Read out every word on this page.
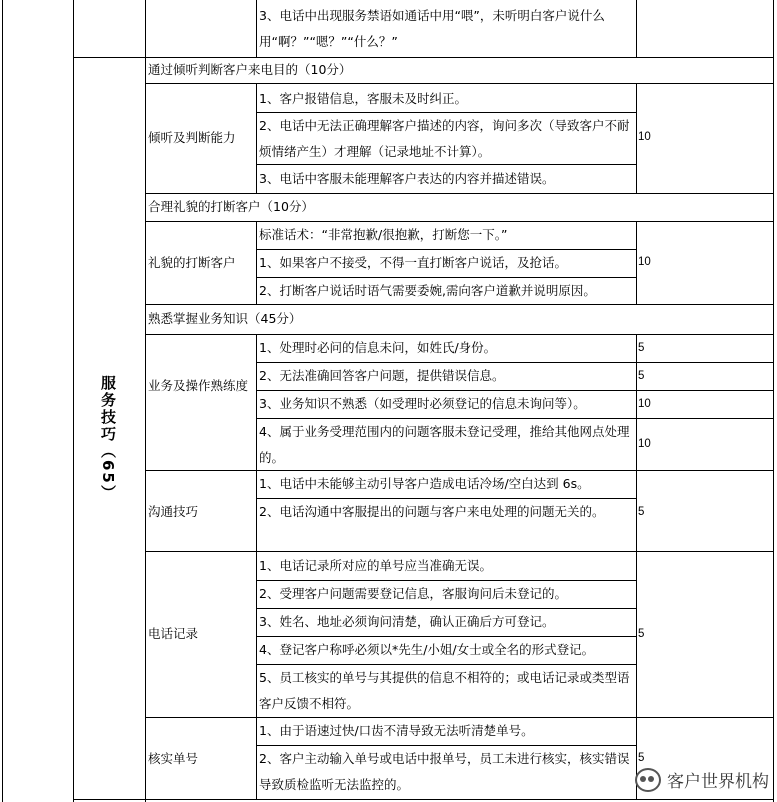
服务技巧（65）
3、电话中出现服务禁语如通话中用“喂”，未听明白客户说什么用“啊？”“嗯？”“什么？”
通过倾听判断客户来电目的（10分）
倾听及判断能力
1、客户报错信息，客服未及时纠正。
2、电话中无法正确理解客户描述的内容，询问多次（导致客户不耐烦情绪产生）才理解（记录地址不计算）。
3、电话中客服未能理解客户表达的内容并描述错误。
10
合理礼貌的打断客户（10分）
礼貌的打断客户
标准话术：“非常抱歉/很抱歉，打断您一下。”
1、如果客户不接受，不得一直打断客户说话，及抢话。
2、打断客户说话时语气需要委婉,需向客户道歉并说明原因。
10
熟悉掌握业务知识（45分）
业务及操作熟练度
1、处理时必问的信息未问，如姓氏/身份。
2、无法准确回答客户问题，提供错误信息。
3、业务知识不熟悉（如受理时必须登记的信息未询问等）。
4、属于业务受理范围内的问题客服未登记受理，推给其他网点处理的。
5
5
10
10
沟通技巧
1、电话中未能够主动引导客户造成电话冷场/空白达到 6s。
2、电话沟通中客服提出的问题与客户来电处理的问题无关的。	5
电话记录
1、电话记录所对应的单号应当准确无误。
2、受理客户问题需要登记信息，客服询问后未登记的。
3、姓名、地址必须询问清楚，确认正确后方可登记。
4、登记客户称呼必须以*先生/小姐/女士或全名的形式登记。
5、员工核实的单号与其提供的信息不相符的；或电话记录或类型语客户反馈不相符。
5
核实单号
1、由于语速过快/口齿不清导致无法听清楚单号。
2、客户主动输入单号或电话中报单号，员工未进行核实，核实错误导致质检监听无法监控的。
5
客户世界机构
